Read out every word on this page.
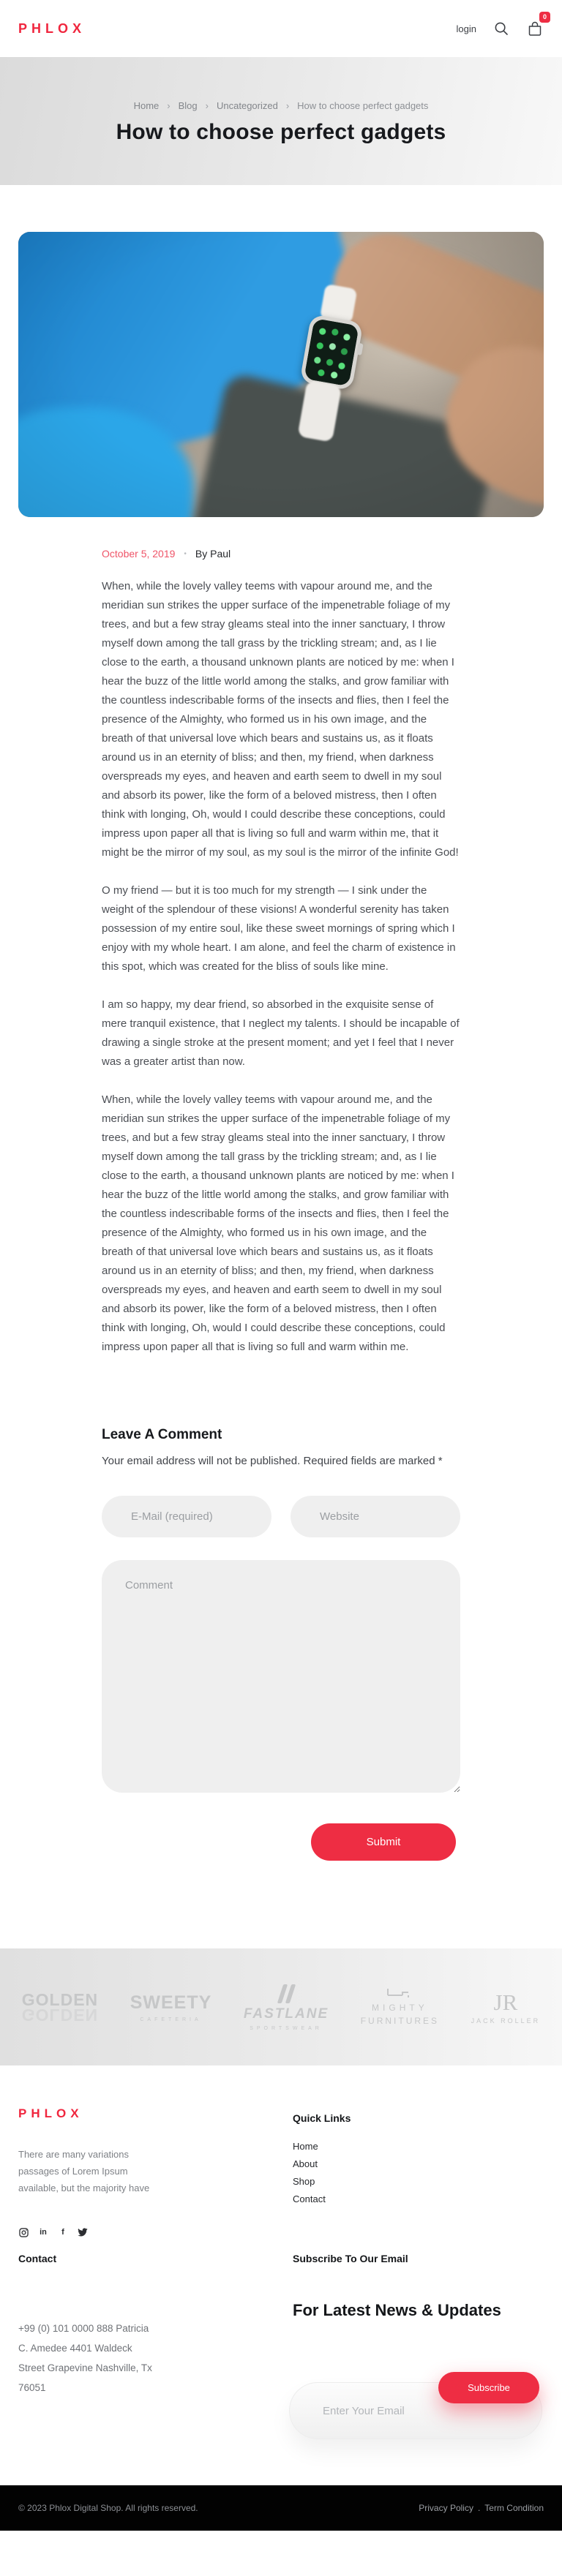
PHLOX	login
0
Home › Blog › Uncategorized › How to choose perfect gadgets
How to choose perfect gadgets
October 5, 2019 • By Paul

When, while the lovely valley teems with vapour around me, and the meridian sun strikes the upper surface of the impenetrable foliage of my trees, and but a few stray gleams steal into the inner sanctuary, I throw myself down among the tall grass by the trickling stream; and, as I lie close to the earth, a thousand unknown plants are noticed by me: when I hear the buzz of the little world among the stalks, and grow familiar with the countless indescribable forms of the insects and flies, then I feel the presence of the Almighty, who formed us in his own image, and the breath of that universal love which bears and sustains us, as it floats around us in an eternity of bliss; and then, my friend, when darkness overspreads my eyes, and heaven and earth seem to dwell in my soul and absorb its power, like the form of a beloved mistress, then I often think with longing, Oh, would I could describe these conceptions, could impress upon paper all that is living so full and warm within me, that it might be the mirror of my soul, as my soul is the mirror of the infinite God!

O my friend — but it is too much for my strength — I sink under the weight of the splendour of these visions! A wonderful serenity has taken possession of my entire soul, like these sweet mornings of spring which I enjoy with my whole heart. I am alone, and feel the charm of existence in this spot, which was created for the bliss of souls like mine.

I am so happy, my dear friend, so absorbed in the exquisite sense of mere tranquil existence, that I neglect my talents. I should be incapable of drawing a single stroke at the present moment; and yet I feel that I never was a greater artist than now.

When, while the lovely valley teems with vapour around me, and the meridian sun strikes the upper surface of the impenetrable foliage of my trees, and but a few stray gleams steal into the inner sanctuary, I throw myself down among the tall grass by the trickling stream; and, as I lie close to the earth, a thousand unknown plants are noticed by me: when I hear the buzz of the little world among the stalks, and grow familiar with the countless indescribable forms of the insects and flies, then I feel the presence of the Almighty, who formed us in his own image, and the breath of that universal love which bears and sustains us, as it floats around us in an eternity of bliss; and then, my friend, when darkness overspreads my eyes, and heaven and earth seem to dwell in my soul and absorb its power, like the form of a beloved mistress, then I often think with longing, Oh, would I could describe these conceptions, could impress upon paper all that is living so full and warm within me.

Leave A Comment
Your email address will not be published. Required fields are marked *
E-Mail (required)
Website
Comment
Submit
GOLDEN
GOLDEN
SWEETY
CAFETERIA	FASTLANE
SPORTSWEAR
MIGHTY
FURNITURES
JR
JACK ROLLER
PHLOX
There are many variations passages of Lorem Ipsum available, but the majority have
in	f
Contact
+99 (0) 101 0000 888 Patricia
C. Amedee 4401 Waldeck
Street Grapevine Nashville, Tx
76051
Quick Links
Home
About
Shop
Contact
Subscribe To Our Email
For Latest News & Updates
Enter Your Email
Subscribe
© 2023 Phlox Digital Shop. All rights reserved.	Privacy Policy . Term Condition
